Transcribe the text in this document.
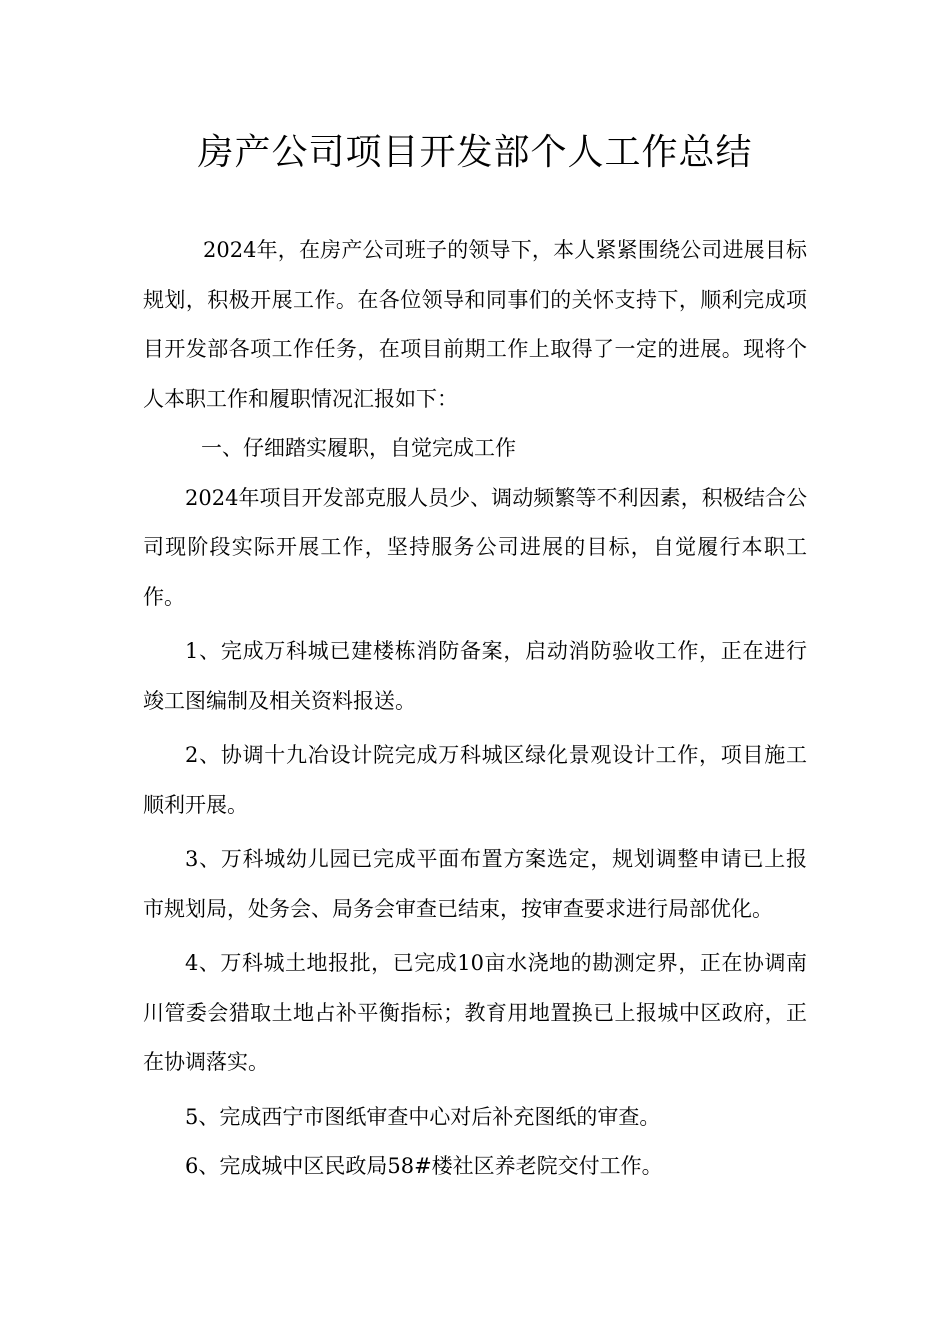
房产公司项目开发部个人工作总结

2024年，在房产公司班子的领导下，本人紧紧围绕公司进展目标规划，积极开展工作。在各位领导和同事们的关怀支持下，顺利完成项目开发部各项工作任务，在项目前期工作上取得了一定的进展。现将个人本职工作和履职情况汇报如下：

一、仔细踏实履职，自觉完成工作

2024年项目开发部克服人员少、调动频繁等不利因素，积极结合公司现阶段实际开展工作，坚持服务公司进展的目标，自觉履行本职工作。

1、完成万科城已建楼栋消防备案，启动消防验收工作，正在进行竣工图编制及相关资料报送。

2、协调十九冶设计院完成万科城区绿化景观设计工作，项目施工顺利开展。

3、万科城幼儿园已完成平面布置方案选定，规划调整申请已上报市规划局，处务会、局务会审查已结束，按审查要求进行局部优化。

4、万科城土地报批，已完成10亩水浇地的勘测定界，正在协调南川管委会猎取土地占补平衡指标；教育用地置换已上报城中区政府，正在协调落实。

5、完成西宁市图纸审查中心对后补充图纸的审查。

6、完成城中区民政局58#楼社区养老院交付工作。
